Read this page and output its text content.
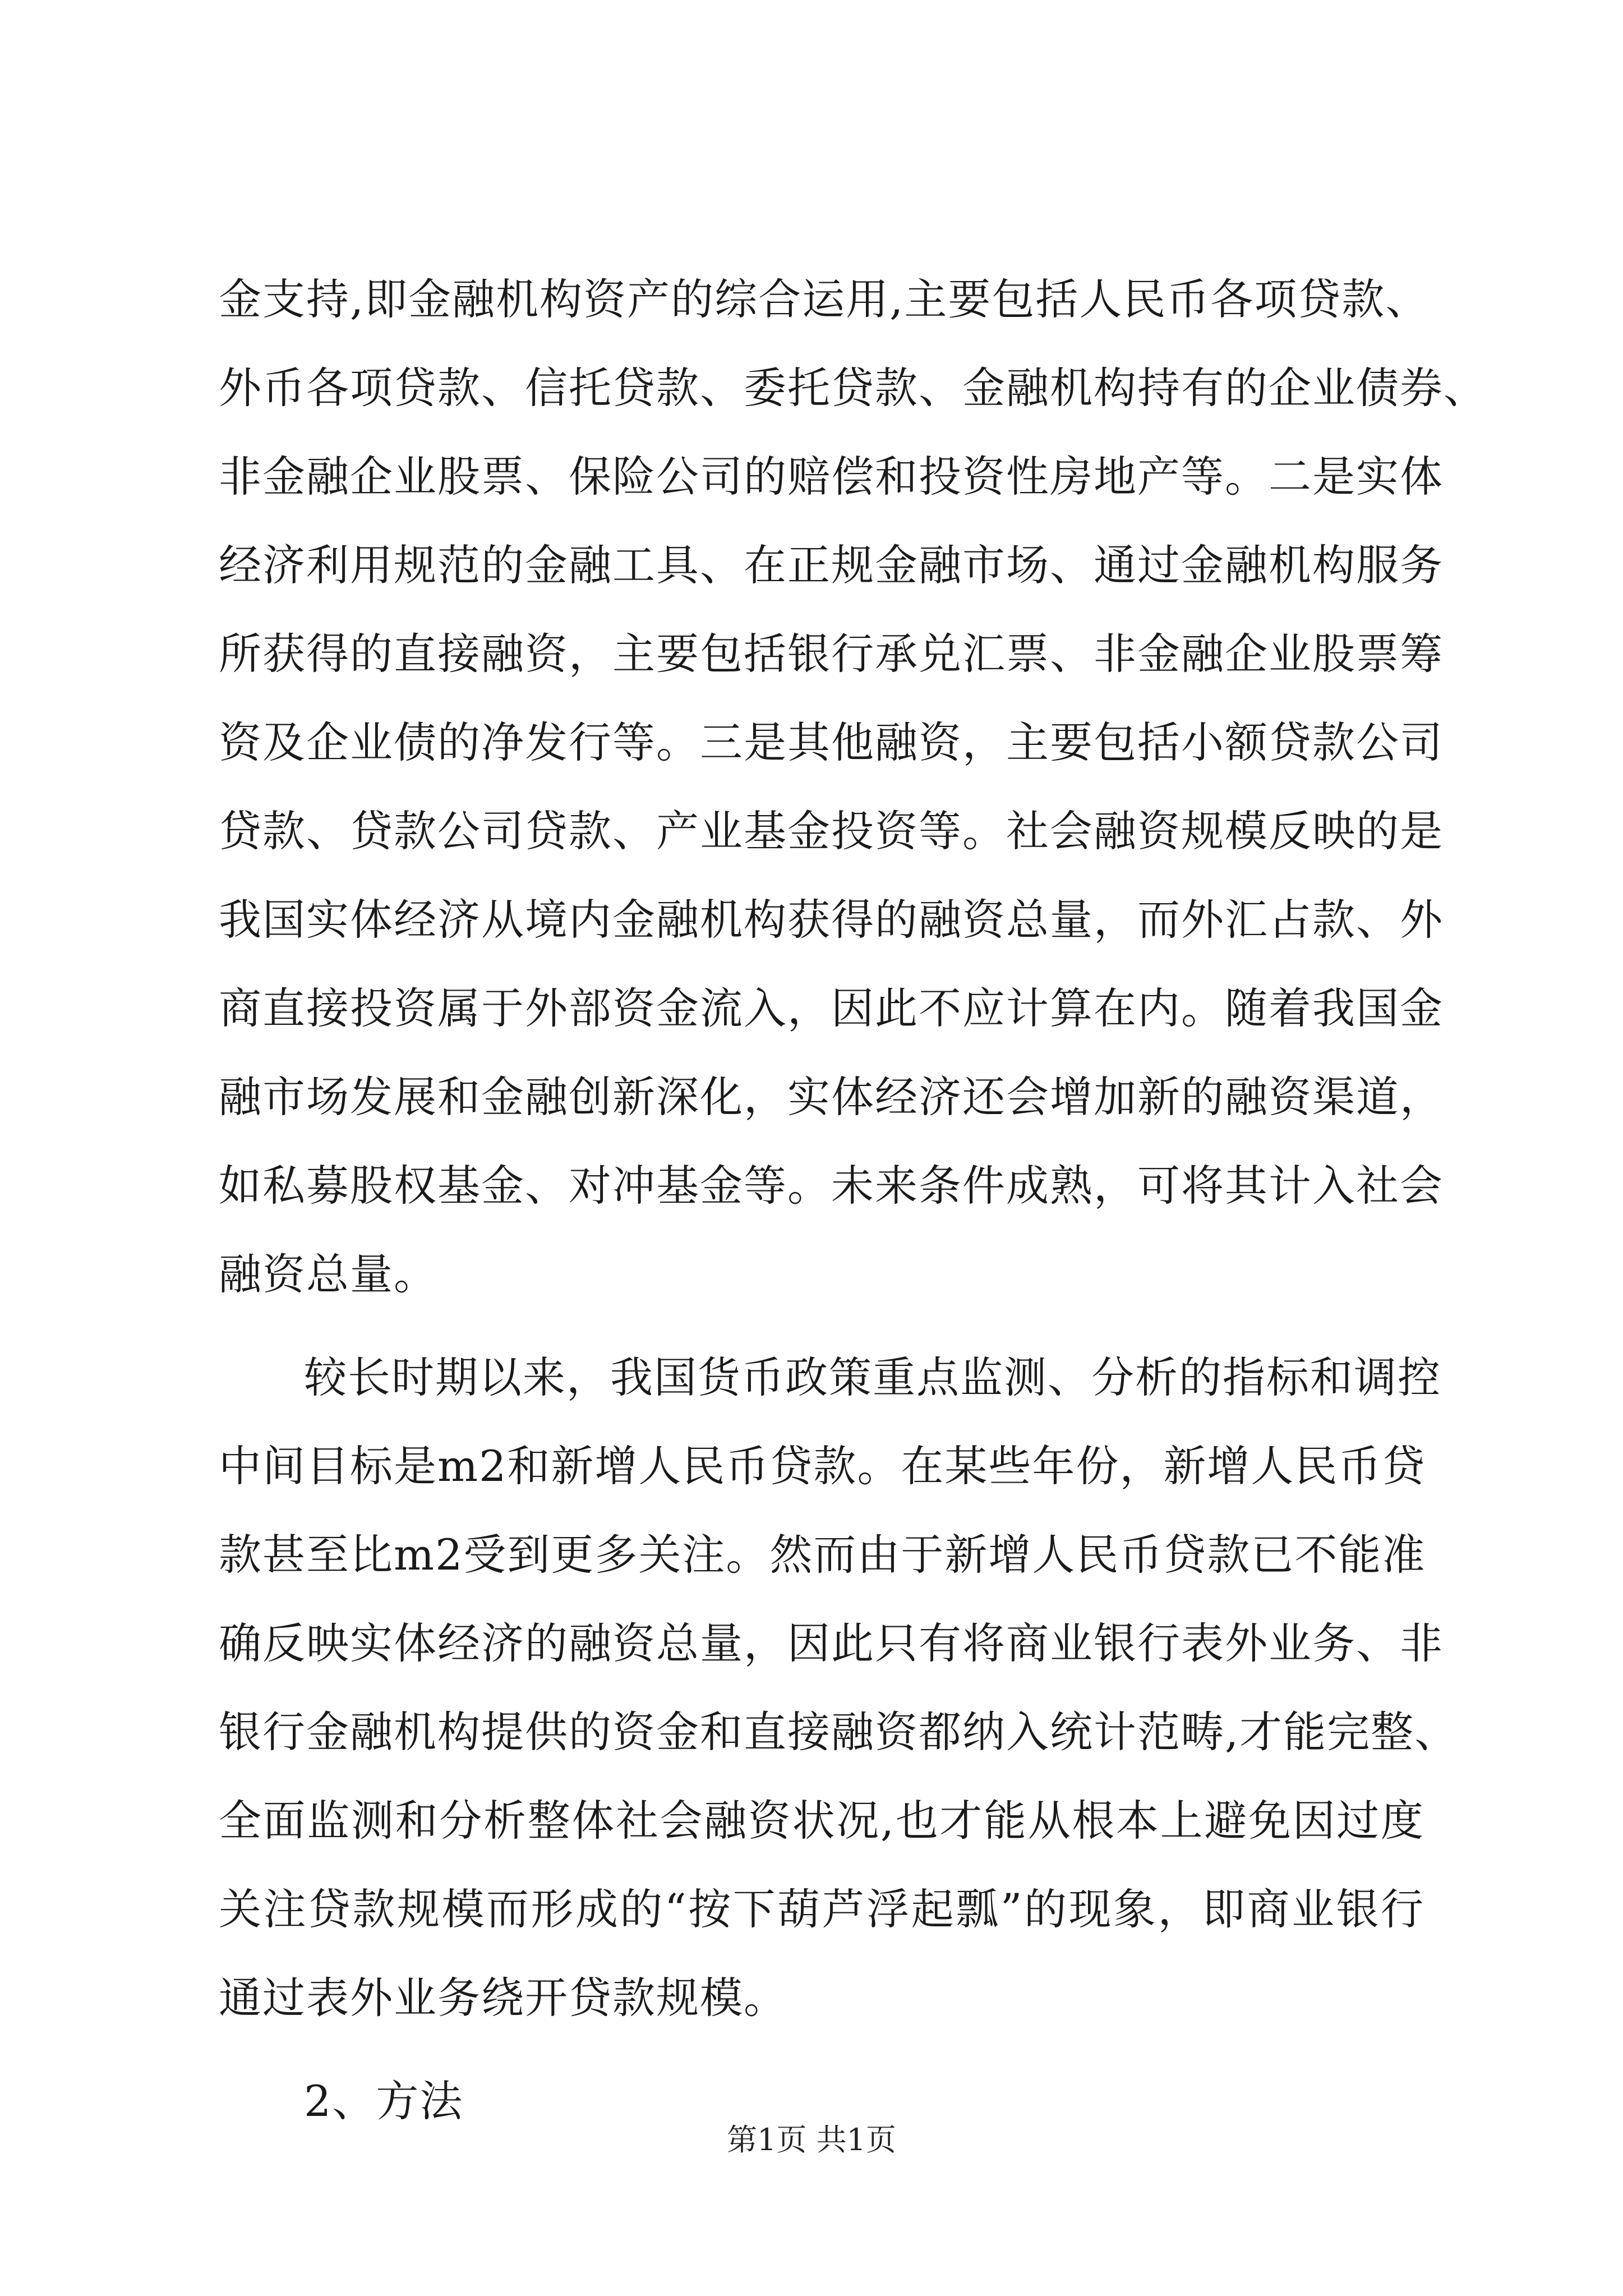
金支持,即金融机构资产的综合运用,主要包括人民币各项贷款、
外币各项贷款、信托贷款、委托贷款、金融机构持有的企业债券、
非金融企业股票、保险公司的赔偿和投资性房地产等。二是实体
经济利用规范的金融工具、在正规金融市场、通过金融机构服务
所获得的直接融资，主要包括银行承兑汇票、非金融企业股票筹
资及企业债的净发行等。三是其他融资，主要包括小额贷款公司
贷款、贷款公司贷款、产业基金投资等。社会融资规模反映的是
我国实体经济从境内金融机构获得的融资总量，而外汇占款、外
商直接投资属于外部资金流入，因此不应计算在内。随着我国金
融市场发展和金融创新深化，实体经济还会增加新的融资渠道，
如私募股权基金、对冲基金等。未来条件成熟，可将其计入社会
融资总量。
较长时期以来，我国货币政策重点监测、分析的指标和调控
中间目标是m2和新增人民币贷款。在某些年份，新增人民币贷
款甚至比m2受到更多关注。然而由于新增人民币贷款已不能准
确反映实体经济的融资总量，因此只有将商业银行表外业务、非
银行金融机构提供的资金和直接融资都纳入统计范畴,才能完整、
全面监测和分析整体社会融资状况,也才能从根本上避免因过度
关注贷款规模而形成的“按下葫芦浮起瓢”的现象，即商业银行
通过表外业务绕开贷款规模。
2、方法
第1页 共1页
